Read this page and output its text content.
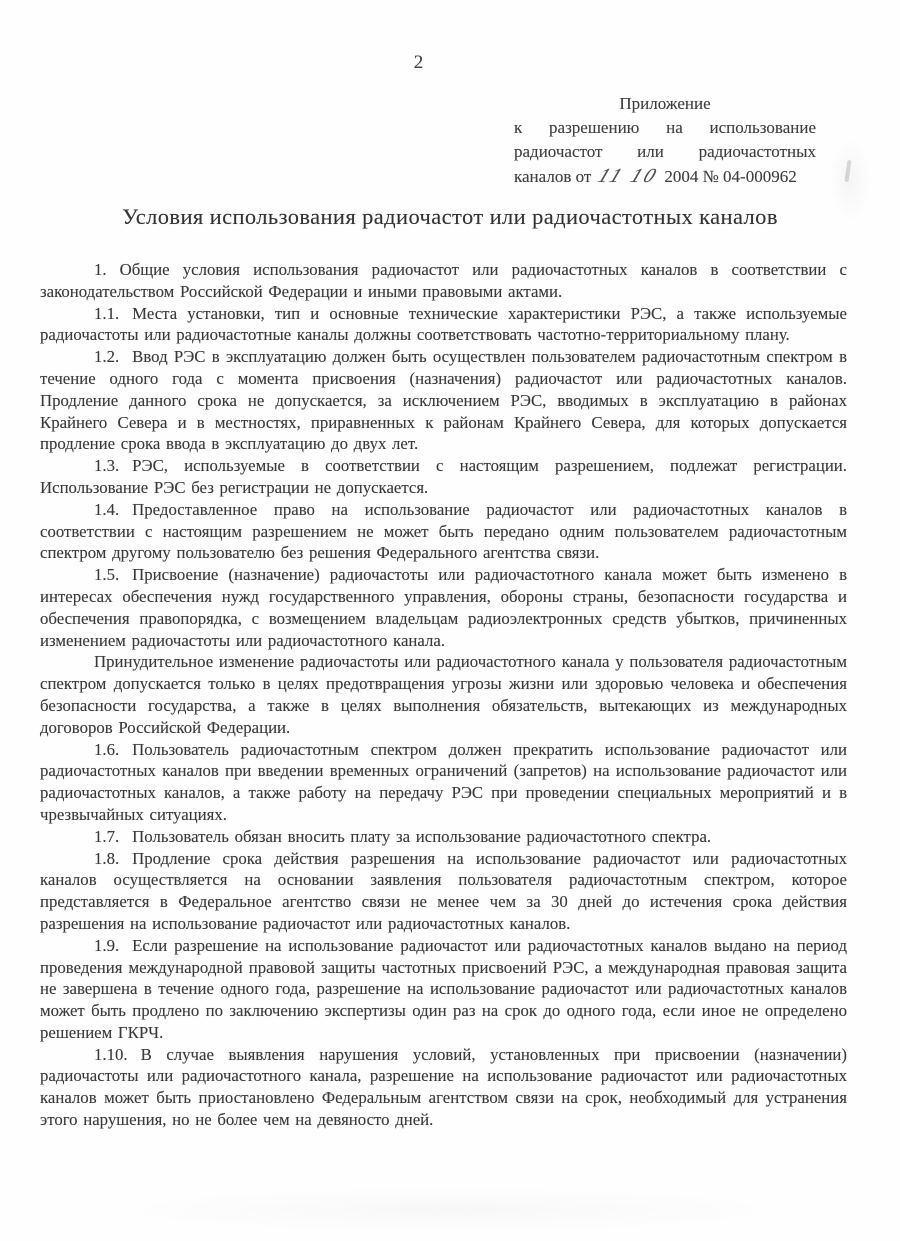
2
Приложение
к разрешению на использование
радиочастот или радиочастотных
каналов от 11 10 2004 № 04-000962
Условия использования радиочастот или радиочастотных каналов

1. Общие условия использования радиочастот или радиочастотных каналов в соответствии с законодательством Российской Федерации и иными правовыми актами.

1.1. Места установки, тип и основные технические характеристики РЭС, а также используемые радиочастоты или радиочастотные каналы должны соответствовать частотно-территориальному плану.

1.2. Ввод РЭС в эксплуатацию должен быть осуществлен пользователем радиочастотным спектром в течение одного года с момента присвоения (назначения) радиочастот или радиочастотных каналов. Продление данного срока не допускается, за исключением РЭС, вводимых в эксплуатацию в районах Крайнего Севера и в местностях, приравненных к районам Крайнего Севера, для которых допускается продление срока ввода в эксплуатацию до двух лет.

1.3. РЭС, используемые в соответствии с настоящим разрешением, подлежат регистрации. Использование РЭС без регистрации не допускается.

1.4. Предоставленное право на использование радиочастот или радиочастотных каналов в соответствии с настоящим разрешением не может быть передано одним пользователем радиочастотным спектром другому пользователю без решения Федерального агентства связи.

1.5. Присвоение (назначение) радиочастоты или радиочастотного канала может быть изменено в интересах обеспечения нужд государственного управления, обороны страны, безопасности государства и обеспечения правопорядка, с возмещением владельцам радиоэлектронных средств убытков, причиненных изменением радиочастоты или радиочастотного канала.

Принудительное изменение радиочастоты или радиочастотного канала у пользователя радиочастотным спектром допускается только в целях предотвращения угрозы жизни или здоровью человека и обеспечения безопасности государства, а также в целях выполнения обязательств, вытекающих из международных договоров Российской Федерации.

1.6. Пользователь радиочастотным спектром должен прекратить использование радиочастот или радиочастотных каналов при введении временных ограничений (запретов) на использование радиочастот или радиочастотных каналов, а также работу на передачу РЭС при проведении специальных мероприятий и в чрезвычайных ситуациях.

1.7. Пользователь обязан вносить плату за использование радиочастотного спектра.

1.8. Продление срока действия разрешения на использование радиочастот или радиочастотных каналов осуществляется на основании заявления пользователя радиочастотным спектром, которое представляется в Федеральное агентство связи не менее чем за 30 дней до истечения срока действия разрешения на использование радиочастот или радиочастотных каналов.

1.9. Если разрешение на использование радиочастот или радиочастотных каналов выдано на период проведения международной правовой защиты частотных присвоений РЭС, а международная правовая защита не завершена в течение одного года, разрешение на использование радиочастот или радиочастотных каналов может быть продлено по заключению экспертизы один раз на срок до одного года, если иное не определено решением ГКРЧ.

1.10. В случае выявления нарушения условий, установленных при присвоении (назначении) радиочастоты или радиочастотного канала, разрешение на использование радиочастот или радиочастотных каналов может быть приостановлено Федеральным агентством связи на срок, необходимый для устранения этого нарушения, но не более чем на девяносто дней.
